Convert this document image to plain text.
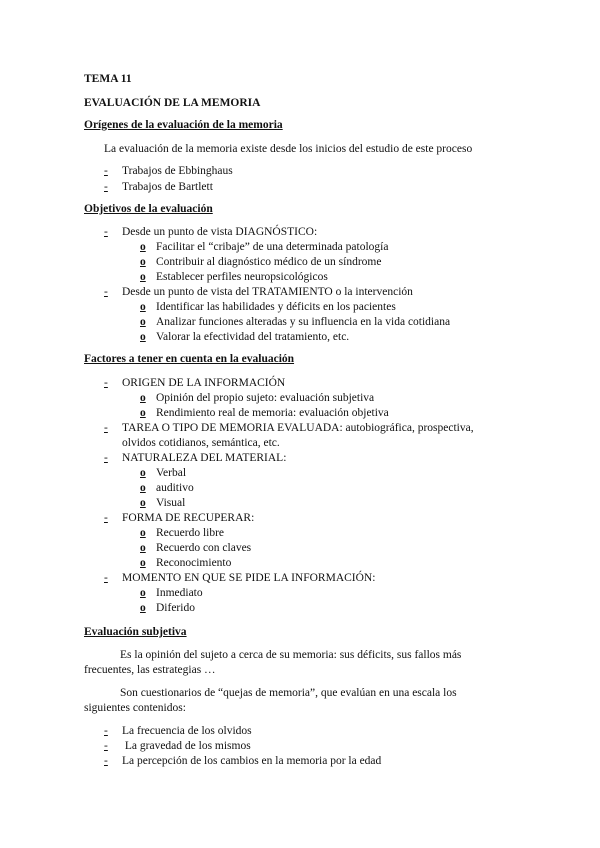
TEMA 11
EVALUACIÓN DE LA MEMORIA
Orígenes de la evaluación de la memoria
La evaluación de la memoria existe desde los inicios del estudio de este proceso
- Trabajos de Ebbinghaus
- Trabajos de Bartlett
Objetivos de la evaluación
- Desde un punto de vista DIAGNÓSTICO:
o Facilitar el “cribaje” de una determinada patología
o Contribuir al diagnóstico médico de un síndrome
o Establecer perfiles neuropsicológicos
- Desde un punto de vista del TRATAMIENTO o la intervención
o Identificar las habilidades y déficits en los pacientes
o Analizar funciones alteradas y su influencia en la vida cotidiana
o Valorar la efectividad del tratamiento, etc.
Factores a tener en cuenta en la evaluación
- ORIGEN DE LA INFORMACIÓN
o Opinión del propio sujeto: evaluación subjetiva
o Rendimiento real de memoria: evaluación objetiva
- TAREA O TIPO DE MEMORIA EVALUADA: autobiográfica, prospectiva,
olvidos cotidianos, semántica, etc.
- NATURALEZA DEL MATERIAL:
o Verbal
o auditivo
o Visual
- FORMA DE RECUPERAR:
o Recuerdo libre
o Recuerdo con claves
o Reconocimiento
- MOMENTO EN QUE SE PIDE LA INFORMACIÓN:
o Inmediato
o Diferido
Evaluación subjetiva
Es la opinión del sujeto a cerca de su memoria: sus déficits, sus fallos más
frecuentes, las estrategias …
Son cuestionarios de “quejas de memoria”, que evalúan en una escala los
siguientes contenidos:
- La frecuencia de los olvidos
- La gravedad de los mismos
- La percepción de los cambios en la memoria por la edad
